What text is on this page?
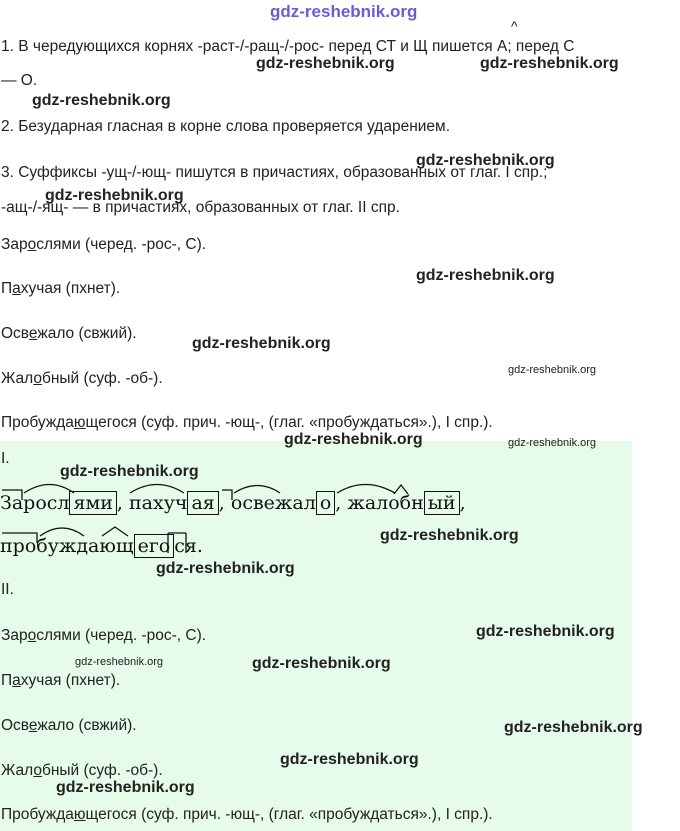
gdz-reshebnik.org
^
1. В чередующихся корнях -раст-/-ращ-/-рос- перед СТ и Щ пишется А; перед С
— О.
2. Безударная гласная в корне слова проверяется ударением.
3. Суффиксы -ущ-/-ющ- пишутся в причастиях, образованных от глаг. I спр.;
-ащ-/-ящ- — в причастиях, образованных от глаг. II спр.
Зарослями (черед. -рос-, С).
Пахучая (пхнет).
Освежало (свжий).
Жалобный (суф. -об-).
Пробуждающегося (суф. прич. -ющ-, (глаг. «пробуждаться».), I спр.).
I.
Заросл ями , пахуч ая , освежал о , жалобн ый ,
пробуждающ его ся.
II.
Зарослями (черед. -рос-, С).
Пахучая (пхнет).
Освежало (свжий).
Жалобный (суф. -об-).
Пробуждающегося (суф. прич. -ющ-, (глаг. «пробуждаться».), I спр.).
gdz-reshebnik.org	gdz-reshebnik.org
gdz-reshebnik.org
gdz-reshebnik.org
gdz-reshebnik.org
gdz-reshebnik.org
gdz-reshebnik.org
gdz-reshebnik.org
gdz-reshebnik.org	gdz-reshebnik.org
gdz-reshebnik.org
gdz-reshebnik.org
gdz-reshebnik.org
gdz-reshebnik.org
gdz-reshebnik.org	gdz-reshebnik.org
gdz-reshebnik.org
gdz-reshebnik.org
gdz-reshebnik.org
